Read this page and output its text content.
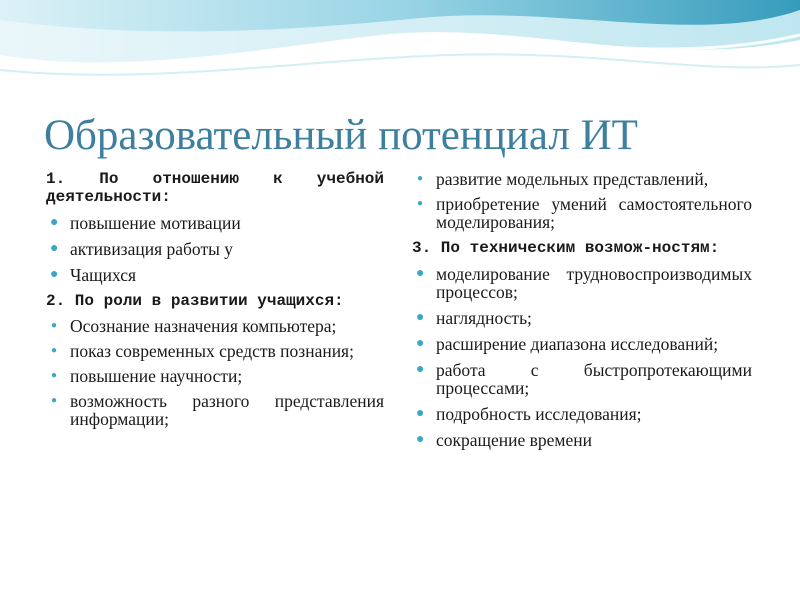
Образовательный потенциал ИТ
1. По отношению к учебной деятельности:
● повышение мотивации
● активизация работы у
● Чащихся
2. По роли в развитии учащихся:
● Осознание назначения компьютера;
● показ современных средств познания;
● повышение научности;
● возможность разного представления информации;
● развитие модельных представлений,
● приобретение умений самостоятельного моделирования;
3. По техническим возмож-ностям:
● моделирование трудновоспроизводимых процессов;
● наглядность;
● расширение диапазона исследований;
● работа с быстропротекающими процессами;
● подробность исследования;
● сокращение времени
